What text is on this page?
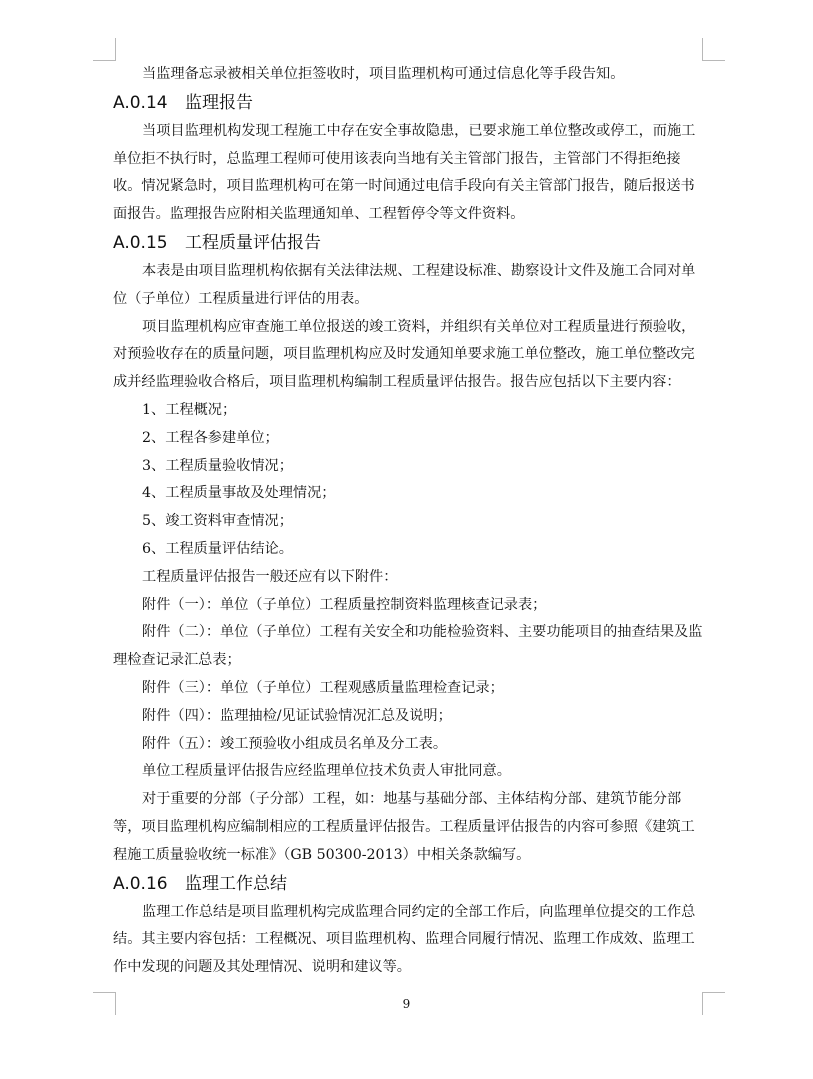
当监理备忘录被相关单位拒签收时，项目监理机构可通过信息化等手段告知。

A.0.14 监理报告

当项目监理机构发现工程施工中存在安全事故隐患，已要求施工单位整改或停工，而施工单位拒不执行时，总监理工程师可使用该表向当地有关主管部门报告，主管部门不得拒绝接收。情况紧急时，项目监理机构可在第一时间通过电信手段向有关主管部门报告，随后报送书面报告。监理报告应附相关监理通知单、工程暂停令等文件资料。

A.0.15 工程质量评估报告

本表是由项目监理机构依据有关法律法规、工程建设标准、勘察设计文件及施工合同对单位（子单位）工程质量进行评估的用表。

项目监理机构应审查施工单位报送的竣工资料，并组织有关单位对工程质量进行预验收，对预验收存在的质量问题，项目监理机构应及时发通知单要求施工单位整改，施工单位整改完成并经监理验收合格后，项目监理机构编制工程质量评估报告。报告应包括以下主要内容：

1、工程概况；

2、工程各参建单位；

3、工程质量验收情况；

4、工程质量事故及处理情况；

5、竣工资料审查情况；

6、工程质量评估结论。

工程质量评估报告一般还应有以下附件：

附件（一）：单位（子单位）工程质量控制资料监理核查记录表；

附件（二）：单位（子单位）工程有关安全和功能检验资料、主要功能项目的抽查结果及监理检查记录汇总表；

附件（三）：单位（子单位）工程观感质量监理检查记录；

附件（四）：监理抽检/见证试验情况汇总及说明；

附件（五）：竣工预验收小组成员名单及分工表。

单位工程质量评估报告应经监理单位技术负责人审批同意。

对于重要的分部（子分部）工程，如：地基与基础分部、主体结构分部、建筑节能分部等，项目监理机构应编制相应的工程质量评估报告。工程质量评估报告的内容可参照《建筑工程施工质量验收统一标准》（GB 50300-2013）中相关条款编写。

A.0.16 监理工作总结

监理工作总结是项目监理机构完成监理合同约定的全部工作后，向监理单位提交的工作总结。其主要内容包括：工程概况、项目监理机构、监理合同履行情况、监理工作成效、监理工作中发现的问题及其处理情况、说明和建议等。

9
